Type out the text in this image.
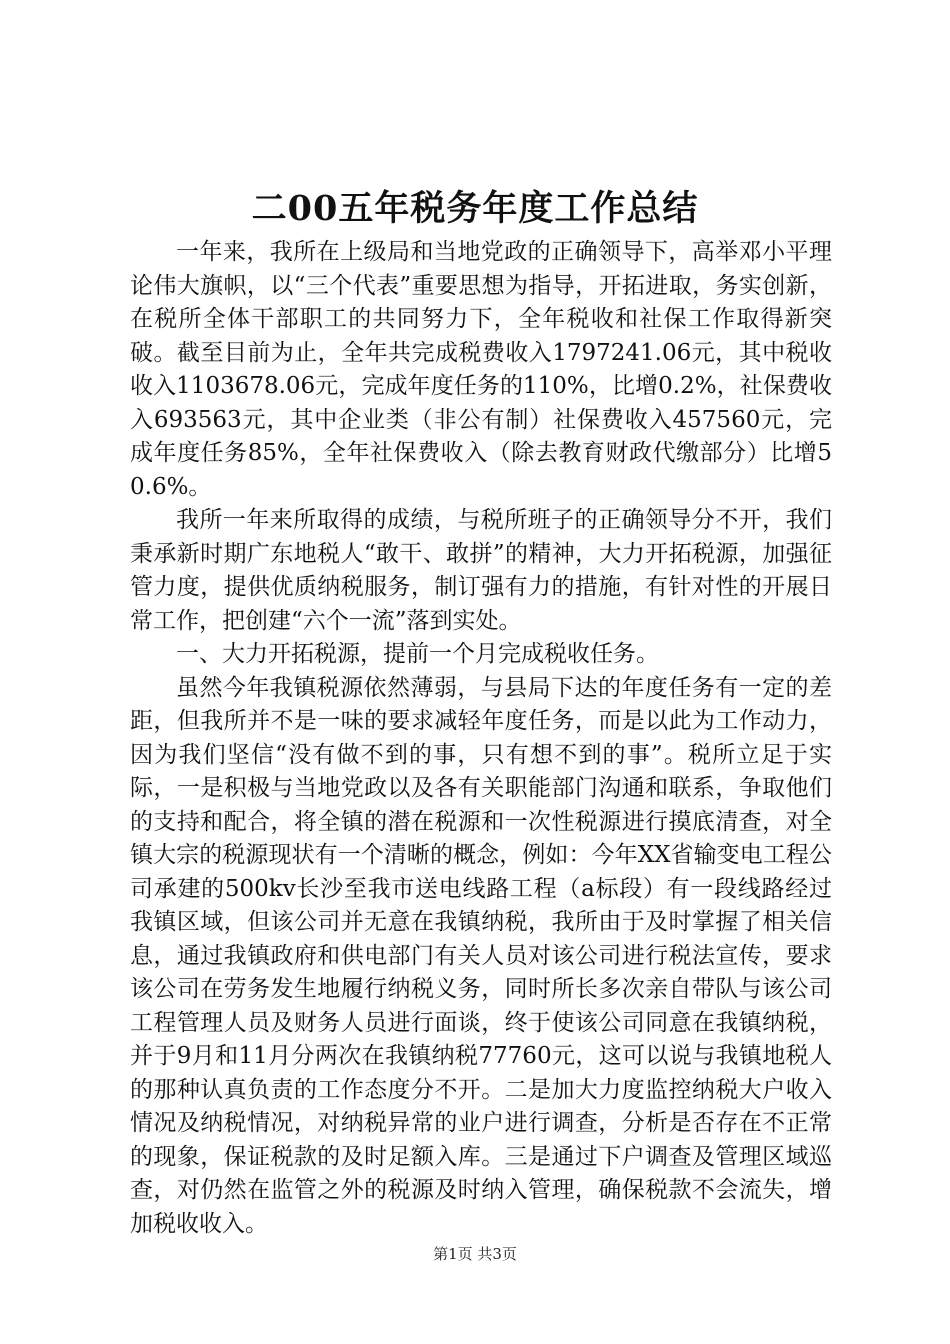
二00五年税务年度工作总结

一年来，我所在上级局和当地党政的正确领导下，高举邓小平理论伟大旗帜，以“三个代表”重要思想为指导，开拓进取，务实创新，在税所全体干部职工的共同努力下，全年税收和社保工作取得新突破。截至目前为止，全年共完成税费收入1797241.06元，其中税收收入1103678.06元，完成年度任务的110%，比增0.2%，社保费收入693563元，其中企业类（非公有制）社保费收入457560元，完成年度任务85%，全年社保费收入（除去教育财政代缴部分）比增50.6%。

我所一年来所取得的成绩，与税所班子的正确领导分不开，我们秉承新时期广东地税人“敢干、敢拼”的精神，大力开拓税源，加强征管力度，提供优质纳税服务，制订强有力的措施，有针对性的开展日常工作，把创建“六个一流”落到实处。

一、大力开拓税源，提前一个月完成税收任务。

虽然今年我镇税源依然薄弱，与县局下达的年度任务有一定的差距，但我所并不是一味的要求减轻年度任务，而是以此为工作动力，因为我们坚信“没有做不到的事，只有想不到的事”。税所立足于实际，一是积极与当地党政以及各有关职能部门沟通和联系，争取他们的支持和配合，将全镇的潜在税源和一次性税源进行摸底清查，对全镇大宗的税源现状有一个清晰的概念，例如：今年XX省输变电工程公司承建的500kv长沙至我市送电线路工程（a标段）有一段线路经过我镇区域，但该公司并无意在我镇纳税，我所由于及时掌握了相关信息，通过我镇政府和供电部门有关人员对该公司进行税法宣传，要求该公司在劳务发生地履行纳税义务，同时所长多次亲自带队与该公司工程管理人员及财务人员进行面谈，终于使该公司同意在我镇纳税，并于9月和11月分两次在我镇纳税77760元，这可以说与我镇地税人的那种认真负责的工作态度分不开。二是加大力度监控纳税大户收入情况及纳税情况，对纳税异常的业户进行调查，分析是否存在不正常的现象，保证税款的及时足额入库。三是通过下户调查及管理区域巡查，对仍然在监管之外的税源及时纳入管理，确保税款不会流失，增加税收收入。

第1页 共3页
